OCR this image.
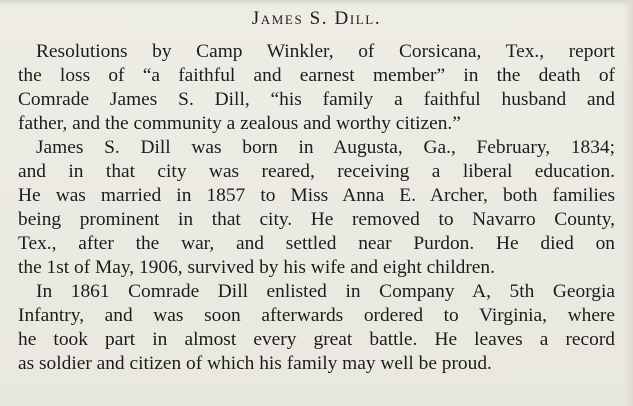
James S. Dill.
Resolutions by Camp Winkler, of Corsicana, Tex., report
the loss of “a faithful and earnest member” in the death of
Comrade James S. Dill, “his family a faithful husband and
father, and the community a zealous and worthy citizen.”
James S. Dill was born in Augusta, Ga., February, 1834;
and in that city was reared, receiving a liberal education.
He was married in 1857 to Miss Anna E. Archer, both families
being prominent in that city. He removed to Navarro County,
Tex., after the war, and settled near Purdon. He died on
the 1st of May, 1906, survived by his wife and eight children.
In 1861 Comrade Dill enlisted in Company A, 5th Georgia
Infantry, and was soon afterwards ordered to Virginia, where
he took part in almost every great battle. He leaves a record
as soldier and citizen of which his family may well be proud.
